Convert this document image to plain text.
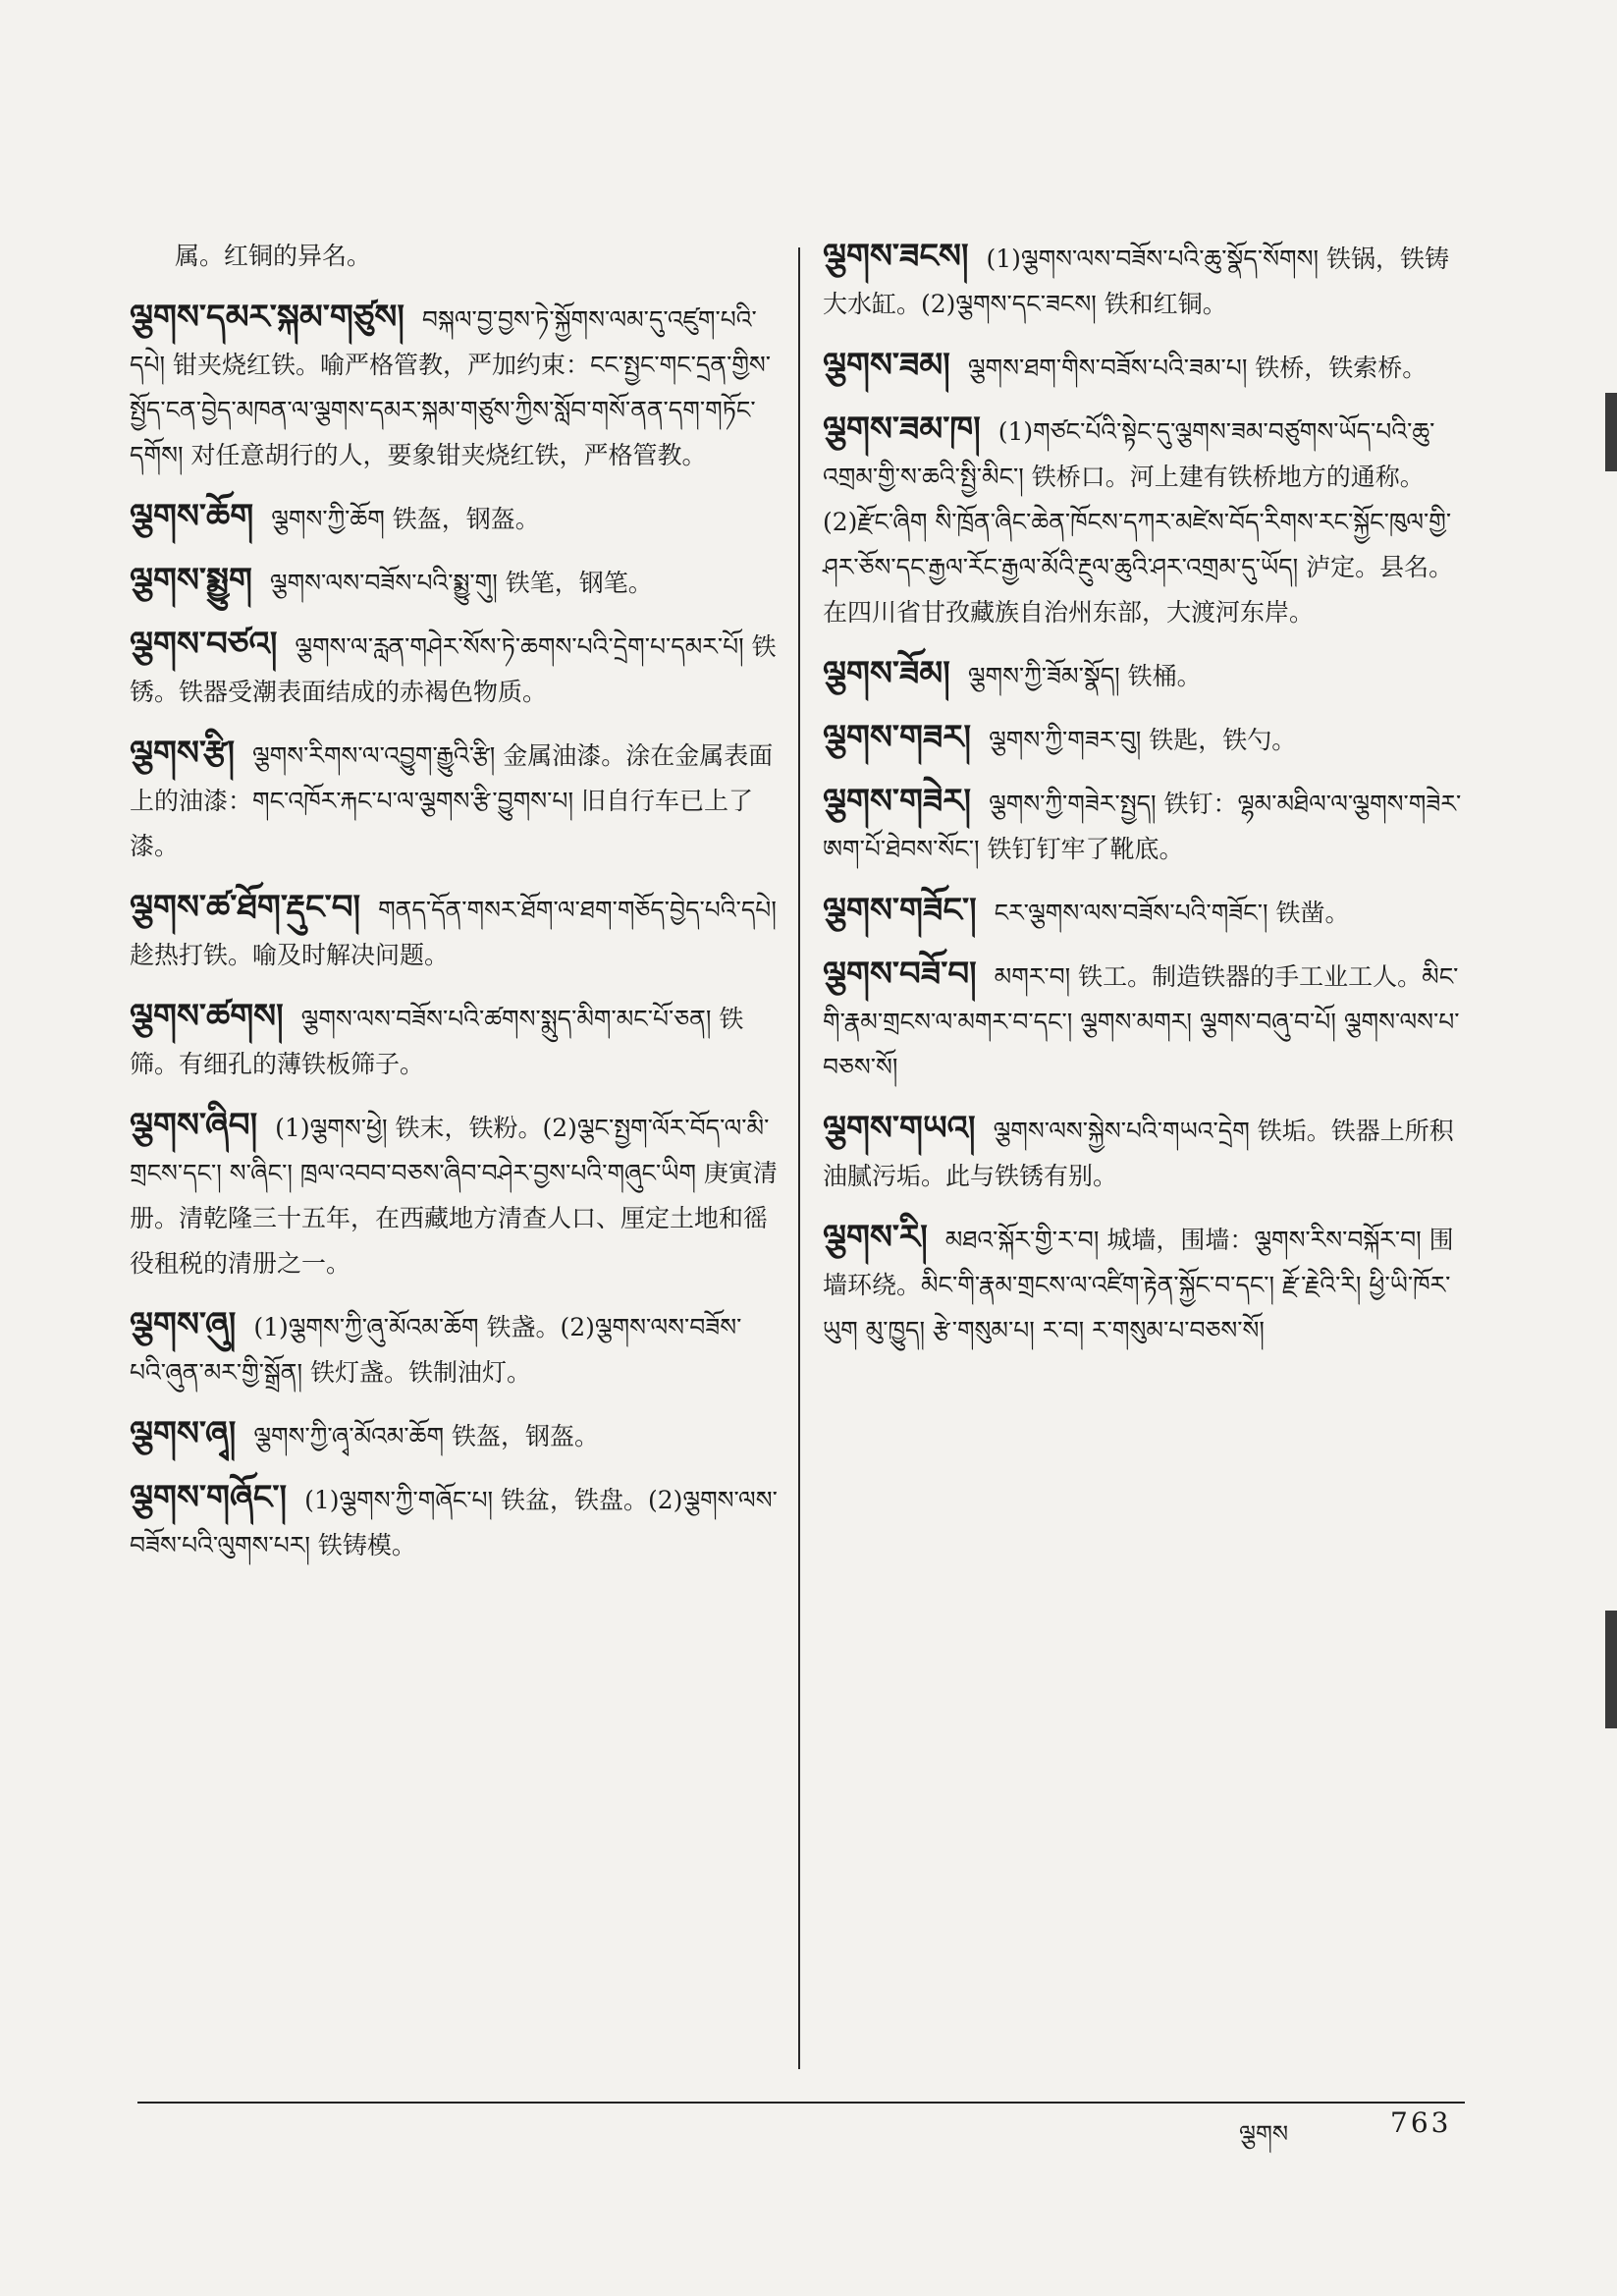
属。红铜的异名。
ལྕགས་དམར་སྐམ་གཙུས། བསྐལ་བྱ་བྱས་ཏེ་སྐྱོགས་ལམ་དུ་འཛུག་པའི་དཔེ། 钳夹烧红铁。喻严格管教，严加约束：ངང་སྤྱང་གང་དྲན་གྱིས་སྤྱོད་ངན་བྱེད་མཁན་ལ་ལྕགས་དམར་སྐམ་གཙུས་ཀྱིས་སློབ་གསོ་ནན་དག་གཏོང་དགོས། 对任意胡行的人，要象钳夹烧红铁，严格管教。
ལྕགས་ཆོག ལྕགས་ཀྱི་ཆོག 铁盔，钢盔。
ལྕགས་སྨྱུག ལྕགས་ལས་བཟོས་པའི་སྨྱུ་གུ། 铁笔，钢笔。
ལྕགས་བཙའ། ལྕགས་ལ་རླན་གཤེར་སོས་ཏེ་ཆགས་པའི་དྲེག་པ་དམར་པོ། 铁锈。铁器受潮表面结成的赤褐色物质。
ལྕགས་རྩི། ལྕགས་རིགས་ལ་འབྱུག་རྒྱུའི་རྩི། 金属油漆。涂在金属表面上的油漆：གང་འཁོར་རྐང་པ་ལ་ལྕགས་རྩི་བྱུགས་པ། 旧自行车已上了漆。
ལྕགས་ཚ་ཐོག་རྡུང་བ། གནད་དོན་གསར་ཐོག་ལ་ཐག་གཅོད་བྱེད་པའི་དཔེ། 趁热打铁。喻及时解决问题。
ལྕགས་ཚགས། ལྕགས་ལས་བཟོས་པའི་ཚགས་སྨུད་མིག་མང་པོ་ཅན། 铁筛。有细孔的薄铁板筛子。
ལྕགས་ཞིབ། (1)ལྕགས་ཕྱེ། 铁末，铁粉。(2)ལྕང་སྤྱག་ལོར་བོད་ལ་མི་གྲངས་དང་། ས་ཞིང་། ཁྲལ་འབབ་བཅས་ཞིབ་བཤེར་བྱས་པའི་གཞུང་ཡིག 庚寅清册。清乾隆三十五年，在西藏地方清查人口、厘定土地和徭役租税的清册之一。
ལྕགས་ཞུ། (1)ལྕགས་ཀྱི་ཞུ་མོའམ་ཆོག 铁盏。(2)ལྕགས་ལས་བཟོས་པའི་ཞུན་མར་གྱི་སྒྲོན། 铁灯盏。铁制油灯。
ལྕགས་ཞྭ། ལྕགས་ཀྱི་ཞྭ་མོའམ་ཆོག 铁盔，钢盔。
ལྕགས་གཞོང་། (1)ལྕགས་ཀྱི་གཞོང་པ། 铁盆，铁盘。(2)ལྕགས་ལས་བཟོས་པའི་ལུགས་པར། 铁铸模。
ལྕགས་ཟངས། (1)ལྕགས་ལས་བཟོས་པའི་ཆུ་སྣོད་སོགས། 铁锅，铁铸大水缸。(2)ལྕགས་དང་ཟངས། 铁和红铜。
ལྕགས་ཟམ། ལྕགས་ཐག་གིས་བཟོས་པའི་ཟམ་པ། 铁桥，铁索桥。
ལྕགས་ཟམ་ཁ། (1)གཙང་པོའི་སྟེང་དུ་ལྕགས་ཟམ་བཙུགས་ཡོད་པའི་ཆུ་འགྲམ་གྱི་ས་ཆའི་སྤྱི་མིང་། 铁桥口。河上建有铁桥地方的通称。(2)རྫོང་ཞིག སི་ཁྲོན་ཞིང་ཆེན་ཁོངས་དཀར་མཛེས་བོད་རིགས་རང་སྐྱོང་ཁུལ་གྱི་ཤར་ཅོས་དང་རྒྱལ་རོང་རྒྱལ་མོའི་རྔུལ་ཆུའི་ཤར་འགྲམ་དུ་ཡོད། 泸定。县名。在四川省甘孜藏族自治州东部，大渡河东岸。
ལྕགས་ཟོམ། ལྕགས་ཀྱི་ཟོམ་སྣོད། 铁桶。
ལྕགས་གཟར། ལྕགས་ཀྱི་གཟར་བུ། 铁匙，铁勺。
ལྕགས་གཟེར། ལྕགས་ཀྱི་གཟེར་སྤྱད། 铁钉：ལྷམ་མཐིལ་ལ་ལྕགས་གཟེར་ཨག་པོ་ཐེབས་སོང་། 铁钉钉牢了靴底。
ལྕགས་གཟོང་། ངར་ལྕགས་ལས་བཟོས་པའི་གཟོང་། 铁凿。
ལྕགས་བཟོ་བ། མགར་བ། 铁工。制造铁器的手工业工人。མིང་གི་རྣམ་གྲངས་ལ་མགར་བ་དང་། ལྕགས་མགར། ལྕགས་བཞུ་བ་པོ། ལྕགས་ལས་པ་བཅས་སོ།
ལྕགས་གཡའ། ལྕགས་ལས་སྐྱེས་པའི་གཡའ་དྲེག 铁垢。铁器上所积油腻污垢。此与铁锈有别。
ལྕགས་རི། མཐའ་སྐོར་གྱི་ར་བ། 城墙，围墙：ལྕགས་རིས་བསྐོར་བ། 围墙环绕。མིང་གི་རྣམ་གྲངས་ལ་འཛིག་རྟེན་སྐྱོང་བ་དང་། རྫོ་རྗེའི་རི། ཕྱི་ཡི་ཁོར་ཡུག མུ་ཁྱུད། རྩེ་གསུམ་པ། ར་བ། ར་གསུམ་པ་བཅས་སོ།
ལྕགས	763
